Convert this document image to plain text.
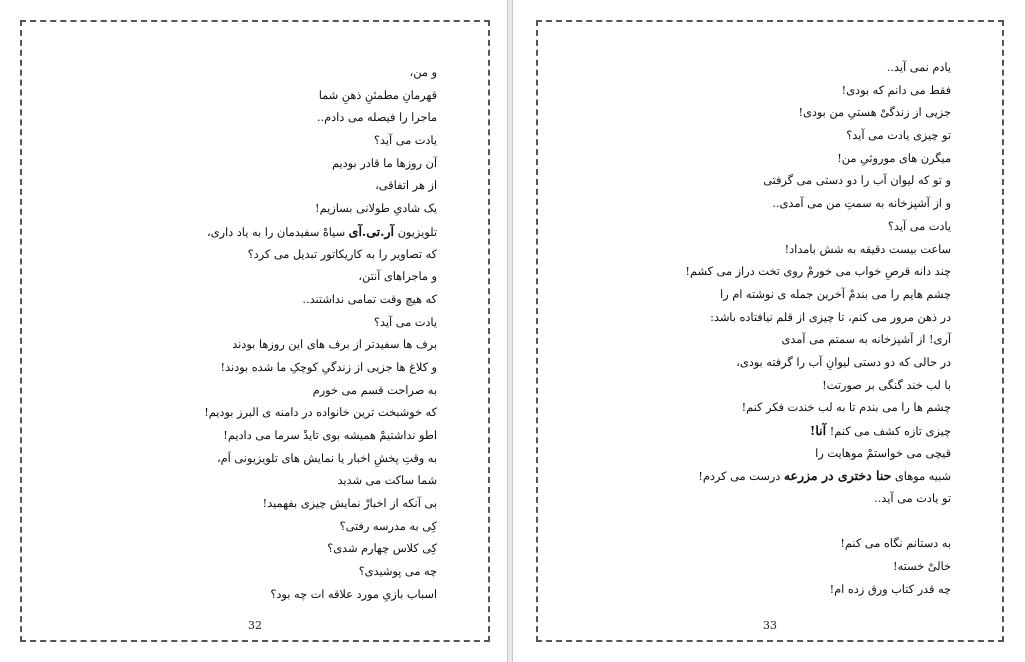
و من،
قهرمانِ مطمئنِ ذهنِ شما
ماجرا را فیصله می دادم..
یادت می آید؟
آن روزها ما قادر بودیم
از هر اتفاقی،
یک شادیِ طولانی بسازیم!
تلویزیون آر.تی.آی سیاهْ سفیدمان را به یاد داری،
که تصاویر را به کاریکاتور تبدیل می کرد؟
و ماجراهای آنتن،
که هیچ وقت تمامی نداشتند..
یادت می آید؟
برف ها سفیدتر از برف های این روزها بودند
و کلاغ ها جزیی از زندگیِ کوچکِ ما شده بودند!
به صراحت قسم می خورم
که خوشبخت ترین خانواده در دامنه ی البرز بودیم!
اطو نداشتیمْ همیشه بوی تایدْ سرما می دادیم!
به وقتِ پخشِ اخبار یا نمایش های تلویزیونی اَم،
شما ساکت می شدید
بی آنکه از اخبارْ نمایش چیزی بفهمید!
کِی به مدرسه رفتی؟
کِی کلاس چهارم شدی؟
چه می پوشیدی؟
اسباب بازیِ مورد علاقه ات چه بود؟
32
یادم نمی آید..
فقط می دانم که بودی!
جزیی از زندگیْ هستیِ من بودی!
تو چیزی یادت می آید؟
میگرن های موروثیِ من!
و تو که لیوان آب را دو دستی می گرفتی
و از آشپزخانه به سمتِ من می آمدی..
یادت می آید؟
ساعت بیست دقیقه به شش بامداد!
چند دانه قرصِ خواب می خورمْ روی تخت دراز می کشم!
چشم هایم را می بندمْ آخرین جمله ی نوشته ام را
در ذهن مرور می کنم، تا چیزی از قلم نیافتاده باشد:
آری! از آشپزخانه به سمتم می آمدی
در حالی که دو دستی لیوانِ آب را گرفته بودی،
با لب خند گنگی بر صورتت!
چشم ها را می بندم تا به لب خندت فکر کنم!
چیزی تازه کشف می کنم! آنا!
قیچی می خواستمْ موهایت را
شبیه موهای حنا دختری در مزرعه درست می کردم!
تو یادت می آید..
به دستانم نگاه می کنم!
خالیْ خسته!
چه قدر کتاب ورق زده ام!
33
